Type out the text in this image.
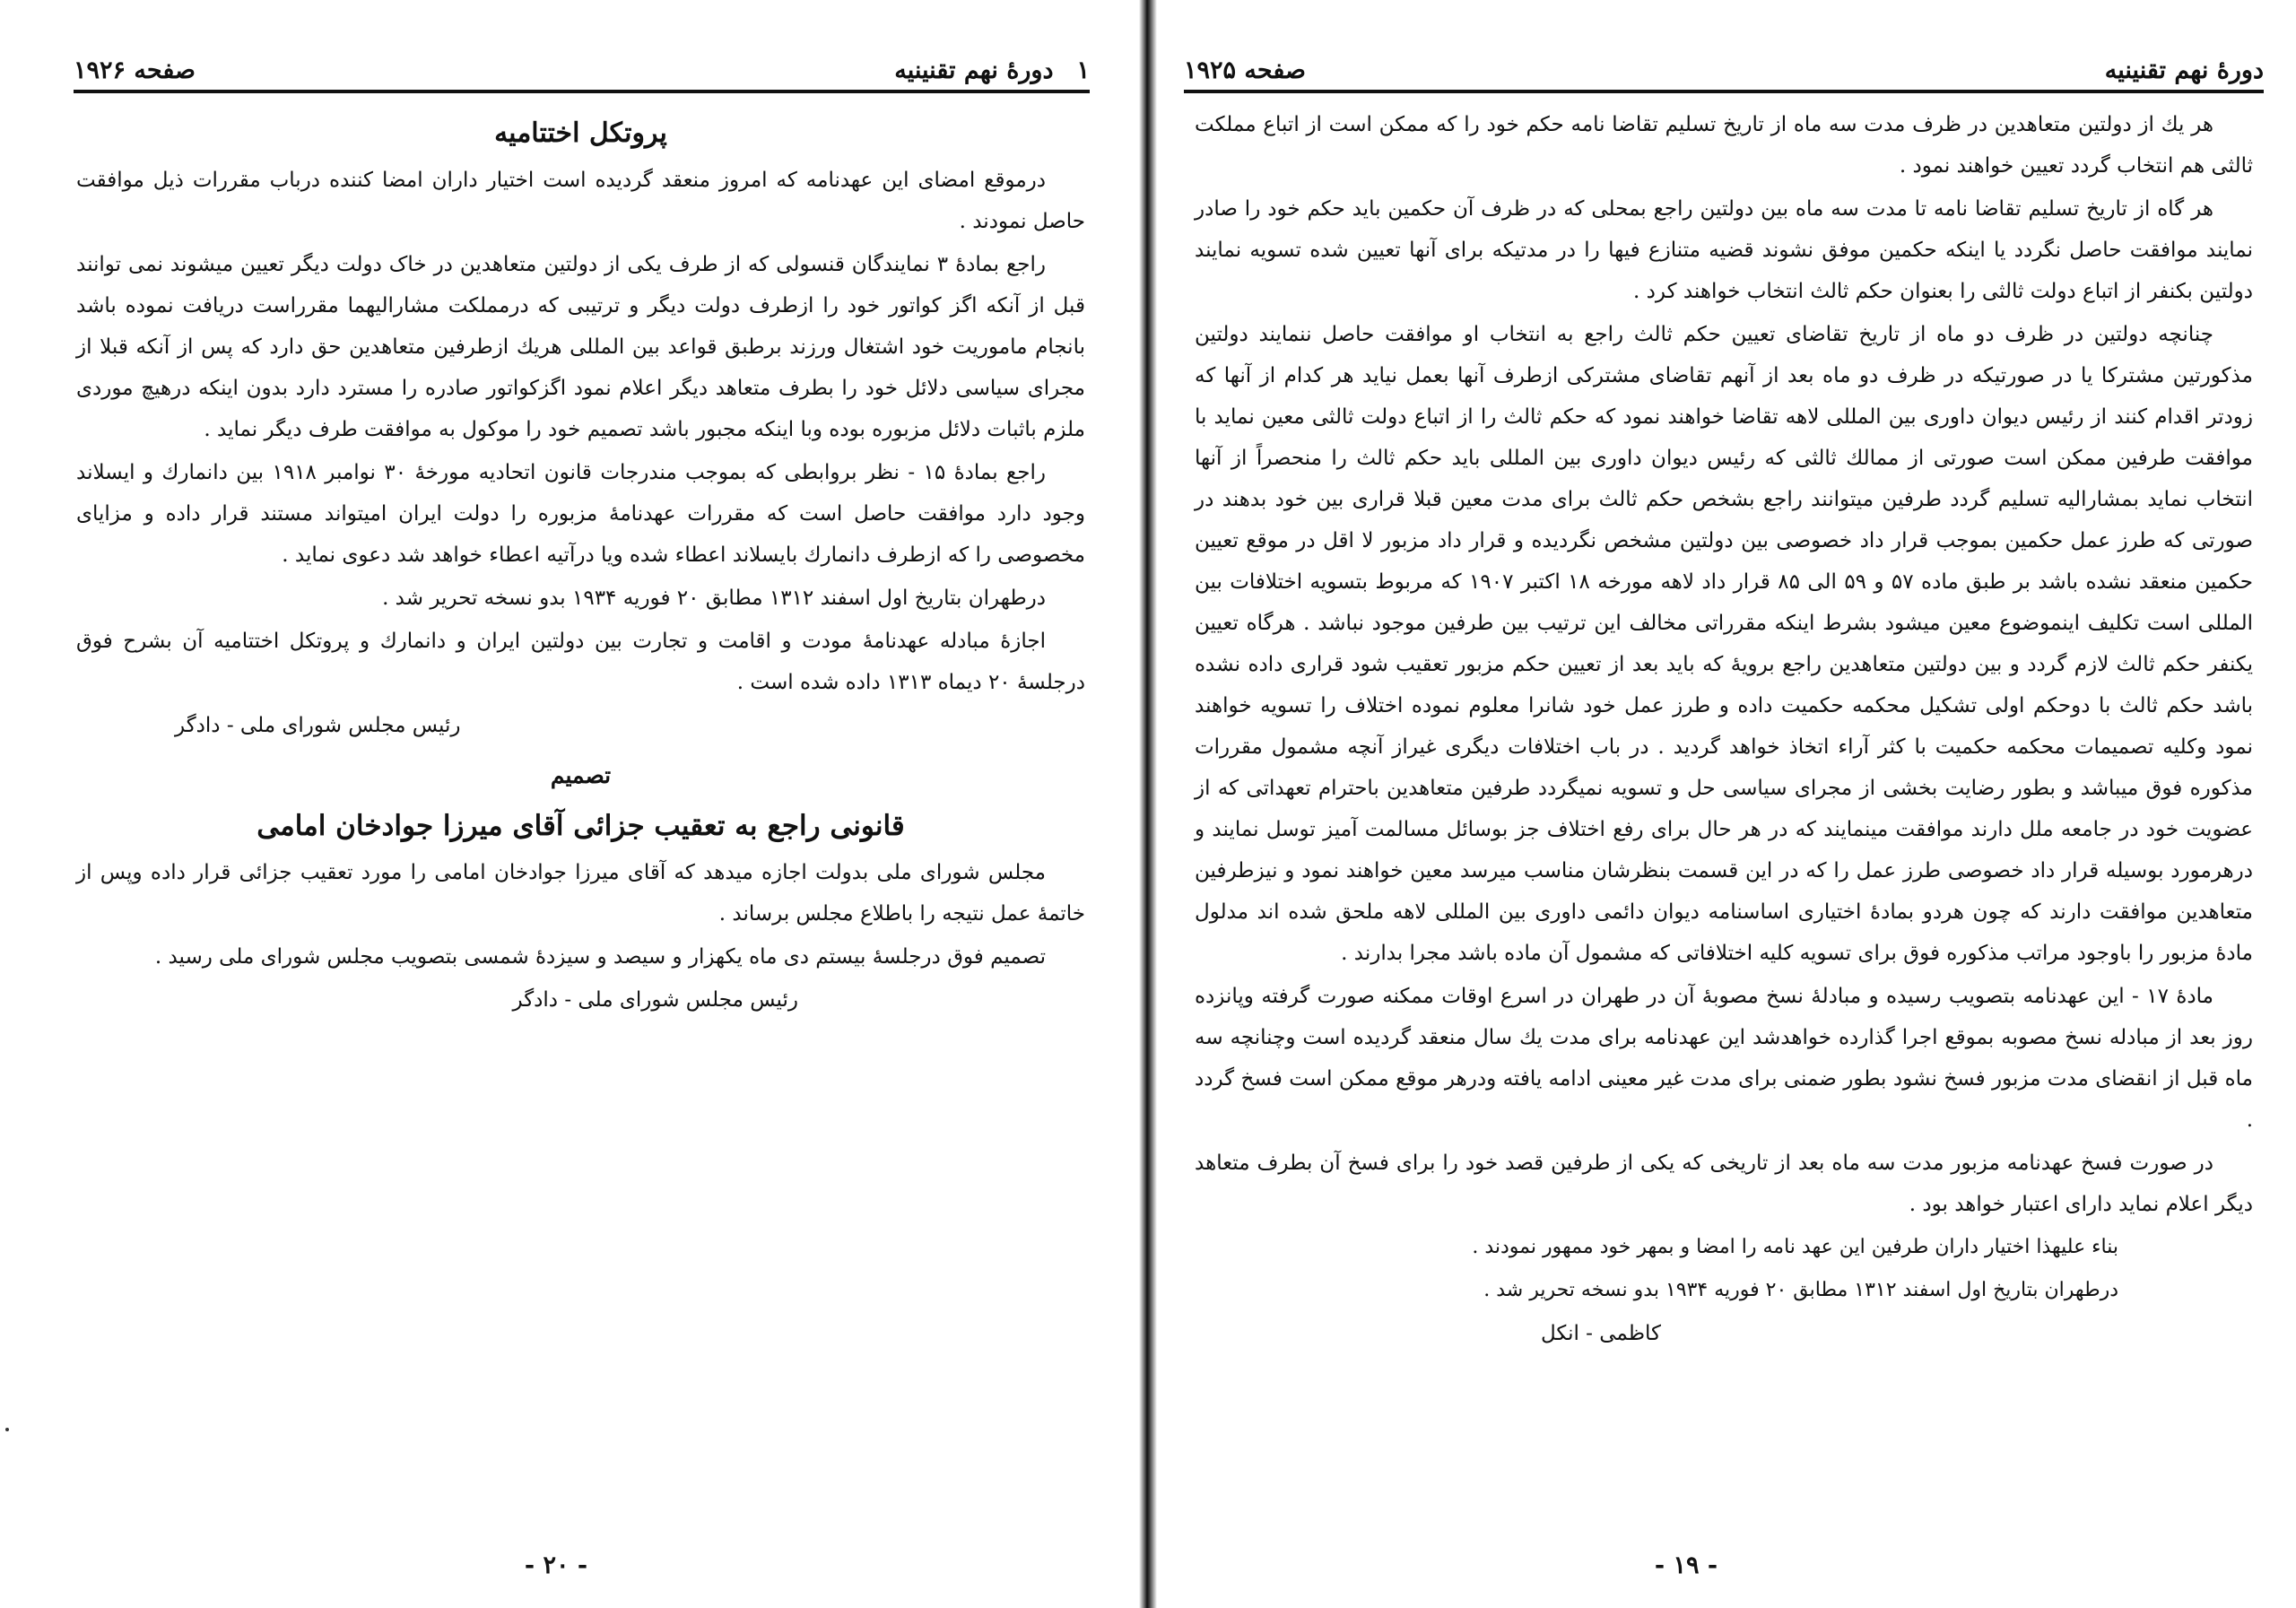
۱
دورهٔ نهم تقنینیه
صفحه ۱۹۲۶

پروتکل اختتامیه

درموقع امضای این عهدنامه که امروز منعقد گردیده است اختیار داران امضا کننده درباب مقررات ذیل موافقت حاصل نمودند .

راجع بمادهٔ ۳ نمایندگان قنسولی که از طرف یکی از دولتین متعاهدین در خاک دولت دیگر تعیین میشوند نمی توانند قبل از آنکه اگز کواتور خود را ازطرف دولت دیگر و ترتیبی که درمملکت مشارالیهما مقرراست دریافت نموده باشد بانجام ماموریت خود اشتغال ورزند برطبق قواعد بین المللی هریك ازطرفین متعاهدین حق دارد که پس از آنکه قبلا از مجرای سیاسی دلائل خود را بطرف متعاهد دیگر اعلام نمود اگزکواتور صادره را مسترد دارد بدون اینکه درهیچ موردی ملزم باثبات دلائل مزبوره بوده وبا اینکه مجبور باشد تصمیم خود را موکول به موافقت طرف دیگر نماید .

راجع بمادهٔ ۱۵ - نظر بروابطی که بموجب مندرجات قانون اتحادیه مورخهٔ ۳۰ نوامبر ۱۹۱۸ بین دانمارك و ایسلاند وجود دارد موافقت حاصل است که مقررات عهدنامهٔ مزبوره را دولت ایران امیتواند مستند قرار داده و مزایای مخصوصی را که ازطرف دانمارك بایسلاند اعطاء شده ویا درآتیه اعطاء خواهد شد دعوی نماید .

درطهران بتاریخ اول اسفند ۱۳۱۲ مطابق ۲۰ فوریه ۱۹۳۴ بدو نسخه تحریر شد .

اجازهٔ مبادله عهدنامهٔ مودت و اقامت و تجارت بین دولتین ایران و دانمارك و پروتکل اختتامیه آن بشرح فوق درجلسهٔ ۲۰ دیماه ۱۳۱۳ داده شده است .

رئیس مجلس شورای ملی - دادگر

تصمیم

قانونی راجع به تعقیب جزائی آقای میرزا جوادخان امامی

مجلس شورای ملی بدولت اجازه میدهد که آقای میرزا جوادخان امامی را مورد تعقیب جزائی قرار داده وپس از خاتمهٔ عمل نتیجه را باطلاع مجلس برساند .

تصمیم فوق درجلسهٔ بیستم دی ماه یکهزار و سیصد و سیزدهٔ شمسی بتصویب مجلس شورای ملی رسید .

رئیس مجلس شورای ملی - دادگر

- ۲۰ -
دورهٔ نهم تقنینیه
صفحه ۱۹۲۵

هر یك از دولتین متعاهدین در ظرف مدت سه ماه از تاریخ تسلیم تقاضا نامه حکم خود را که ممکن است از اتباع مملکت ثالثی هم انتخاب گردد تعیین خواهند نمود .

هر گاه از تاریخ تسلیم تقاضا نامه تا مدت سه ماه بین دولتین راجع بمحلی که در ظرف آن حکمین باید حکم خود را صادر نمایند موافقت حاصل نگردد یا اینکه حکمین موفق نشوند قضیه متنازع فیها را در مدتیکه برای آنها تعیین شده تسویه نمایند دولتین بکنفر از اتباع دولت ثالثی را بعنوان حکم ثالث انتخاب خواهند کرد .

چنانچه دولتین در ظرف دو ماه از تاریخ تقاضای تعیین حکم ثالث راجع به انتخاب او موافقت حاصل ننمایند دولتین مذکورتین مشترکا یا در صورتیکه در ظرف دو ماه بعد از آنهم تقاضای مشترکی ازطرف آنها بعمل نیاید هر کدام از آنها که زودتر اقدام کنند از رئیس دیوان داوری بین المللی لاهه تقاضا خواهند نمود که حکم ثالث را از اتباع دولت ثالثی معین نماید با موافقت طرفین ممکن است صورتی از ممالك ثالثی که رئیس دیوان داوری بین المللی باید حکم ثالث را منحصراً از آنها انتخاب نماید بمشارالیه تسلیم گردد طرفین میتوانند راجع بشخص حکم ثالث برای مدت معین قبلا قراری بین خود بدهند در صورتی که طرز عمل حکمین بموجب قرار داد خصوصی بین دولتین مشخص نگردیده و قرار داد مزبور لا اقل در موقع تعیین حکمین منعقد نشده باشد بر طبق ماده ۵۷ و ۵۹ الی ۸۵ قرار داد لاهه مورخه ۱۸ اکتبر ۱۹۰۷ که مربوط بتسویه اختلافات بین المللی است تکلیف اینموضوع معین میشود بشرط اینکه مقرراتی مخالف این ترتیب بین طرفین موجود نباشد . هرگاه تعیین یکنفر حکم ثالث لازم گردد و بین دولتین متعاهدین راجع برویهٔ که باید بعد از تعیین حکم مزبور تعقیب شود قراری داده نشده باشد حکم ثالث با دوحکم اولی تشکیل محکمه حکمیت داده و طرز عمل خود شانرا معلوم نموده اختلاف را تسویه خواهند نمود وکلیه تصمیمات محکمه حکمیت با کثر آراء اتخاذ خواهد گردید . در باب اختلافات دیگری غیراز آنچه مشمول مقررات مذکوره فوق میباشد و بطور رضایت بخشی از مجرای سیاسی حل و تسویه نمیگردد طرفین متعاهدین باحترام تعهداتی که از عضویت خود در جامعه ملل دارند موافقت مینمایند که در هر حال برای رفع اختلاف جز بوسائل مسالمت آمیز توسل نمایند و درهرمورد بوسیله قرار داد خصوصی طرز عمل را که در این قسمت بنظرشان مناسب میرسد معین خواهند نمود و نیزطرفین متعاهدین موافقت دارند که چون هردو بمادهٔ اختیاری اساسنامه دیوان دائمی داوری بین المللی لاهه ملحق شده اند مدلول مادهٔ مزبور را باوجود مراتب مذکوره فوق برای تسویه کلیه اختلافاتی که مشمول آن ماده باشد مجرا بدارند .

مادهٔ ۱۷ - این عهدنامه بتصویب رسیده و مبادلهٔ نسخ مصوبهٔ آن در طهران در اسرع اوقات ممکنه صورت گرفته وپانزده روز بعد از مبادله نسخ مصوبه بموقع اجرا گذارده خواهدشد این عهدنامه برای مدت یك سال منعقد گردیده است وچنانچه سه ماه قبل از انقضای مدت مزبور فسخ نشود بطور ضمنی برای مدت غیر معینی ادامه یافته ودرهر موقع ممکن است فسخ گردد .

در صورت فسخ عهدنامه مزبور مدت سه ماه بعد از تاریخی که یکی از طرفین قصد خود را برای فسخ آن بطرف متعاهد دیگر اعلام نماید دارای اعتبار خواهد بود .

بناء علیهذا اختیار داران طرفین این عهد نامه را امضا و بمهر خود ممهور نمودند .

درطهران بتاریخ اول اسفند ۱۳۱۲ مطابق ۲۰ فوریه ۱۹۳۴ بدو نسخه تحریر شد .

کاظمی - انکل

- ۱۹ -
